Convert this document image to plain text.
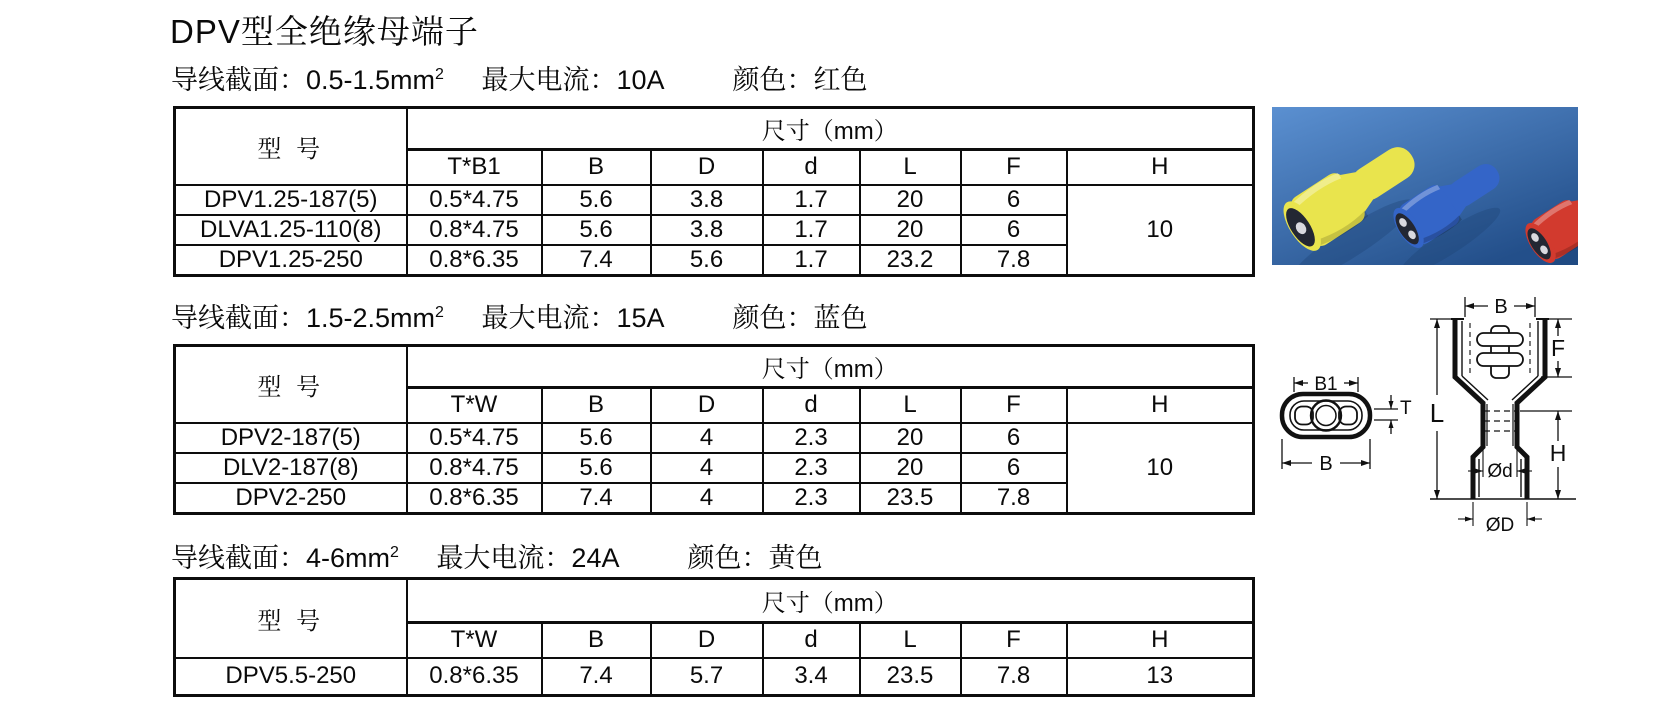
DPV型全绝缘母端子
导线截面：$0.5-1.5mm^2$ 最大电流：10A	颜色：红色
型 号	尺寸（mm）						
	T*B1	B	D	d	L	F	H
DPV1.25-187(5)	0.5*4.75	5.6	3.8	1.7	20	6	10
DLVA1.25-110(8)	0.8*4.75	5.6	3.8	1.7	20	6	
DPV1.25-250	0.8*6.35	7.4	5.6	1.7	23.2	7.8	
导线截面：$1.5-2.5mm^2$ 最大电流：15A	颜色：蓝色
型 号	尺寸（mm）						
	T*W	B	D	d	L	F	H
DPV2-187(5)	0.5*4.75	5.6	4	2.3	20	6	10
DLV2-187(8)	0.8*4.75	5.6	4	2.3	20	6	
DPV2-250	0.8*6.35	7.4	4	2.3	23.5	7.8	
导线截面：$4-6mm^2$ 最大电流：24A	颜色：黄色
型 号	尺寸（mm）						
	T*W	B	D	d	L	F	H
DPV5.5-250	0.8*6.35	7.4	5.7	3.4	23.5	7.8	13
B1
B
T
B
L
F
H
Ød
ØD
